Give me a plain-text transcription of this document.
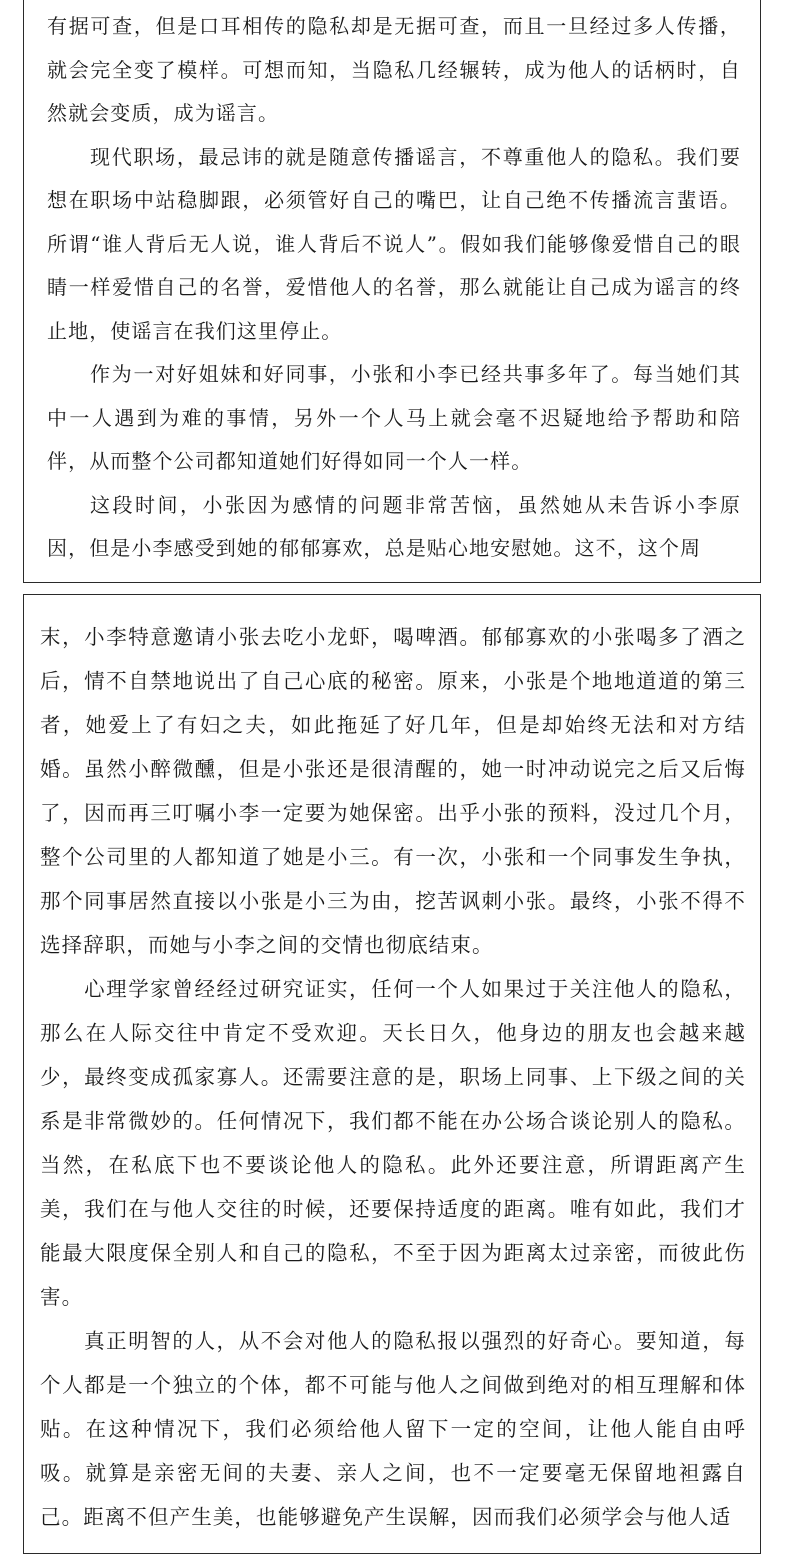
有据可查，但是口耳相传的隐私却是无据可查，而且一旦经过多人传播，就会完全变了模样。可想而知，当隐私几经辗转，成为他人的话柄时，自然就会变质，成为谣言。

现代职场，最忌讳的就是随意传播谣言，不尊重他人的隐私。我们要想在职场中站稳脚跟，必须管好自己的嘴巴，让自己绝不传播流言蜚语。所谓“谁人背后无人说，谁人背后不说人”。假如我们能够像爱惜自己的眼睛一样爱惜自己的名誉，爱惜他人的名誉，那么就能让自己成为谣言的终止地，使谣言在我们这里停止。

作为一对好姐妹和好同事，小张和小李已经共事多年了。每当她们其中一人遇到为难的事情，另外一个人马上就会毫不迟疑地给予帮助和陪伴，从而整个公司都知道她们好得如同一个人一样。

这段时间，小张因为感情的问题非常苦恼，虽然她从未告诉小李原因，但是小李感受到她的郁郁寡欢，总是贴心地安慰她。这不，这个周

末，小李特意邀请小张去吃小龙虾，喝啤酒。郁郁寡欢的小张喝多了酒之后，情不自禁地说出了自己心底的秘密。原来，小张是个地地道道的第三者，她爱上了有妇之夫，如此拖延了好几年，但是却始终无法和对方结婚。虽然小醉微醺，但是小张还是很清醒的，她一时冲动说完之后又后悔了，因而再三叮嘱小李一定要为她保密。出乎小张的预料，没过几个月，整个公司里的人都知道了她是小三。有一次，小张和一个同事发生争执，那个同事居然直接以小张是小三为由，挖苦讽刺小张。最终，小张不得不选择辞职，而她与小李之间的交情也彻底结束。

心理学家曾经经过研究证实，任何一个人如果过于关注他人的隐私，那么在人际交往中肯定不受欢迎。天长日久，他身边的朋友也会越来越少，最终变成孤家寡人。还需要注意的是，职场上同事、上下级之间的关系是非常微妙的。任何情况下，我们都不能在办公场合谈论别人的隐私。当然，在私底下也不要谈论他人的隐私。此外还要注意，所谓距离产生美，我们在与他人交往的时候，还要保持适度的距离。唯有如此，我们才能最大限度保全别人和自己的隐私，不至于因为距离太过亲密，而彼此伤害。

真正明智的人，从不会对他人的隐私报以强烈的好奇心。要知道，每个人都是一个独立的个体，都不可能与他人之间做到绝对的相互理解和体贴。在这种情况下，我们必须给他人留下一定的空间，让他人能自由呼吸。就算是亲密无间的夫妻、亲人之间，也不一定要毫无保留地袒露自己。距离不但产生美，也能够避免产生误解，因而我们必须学会与他人适
